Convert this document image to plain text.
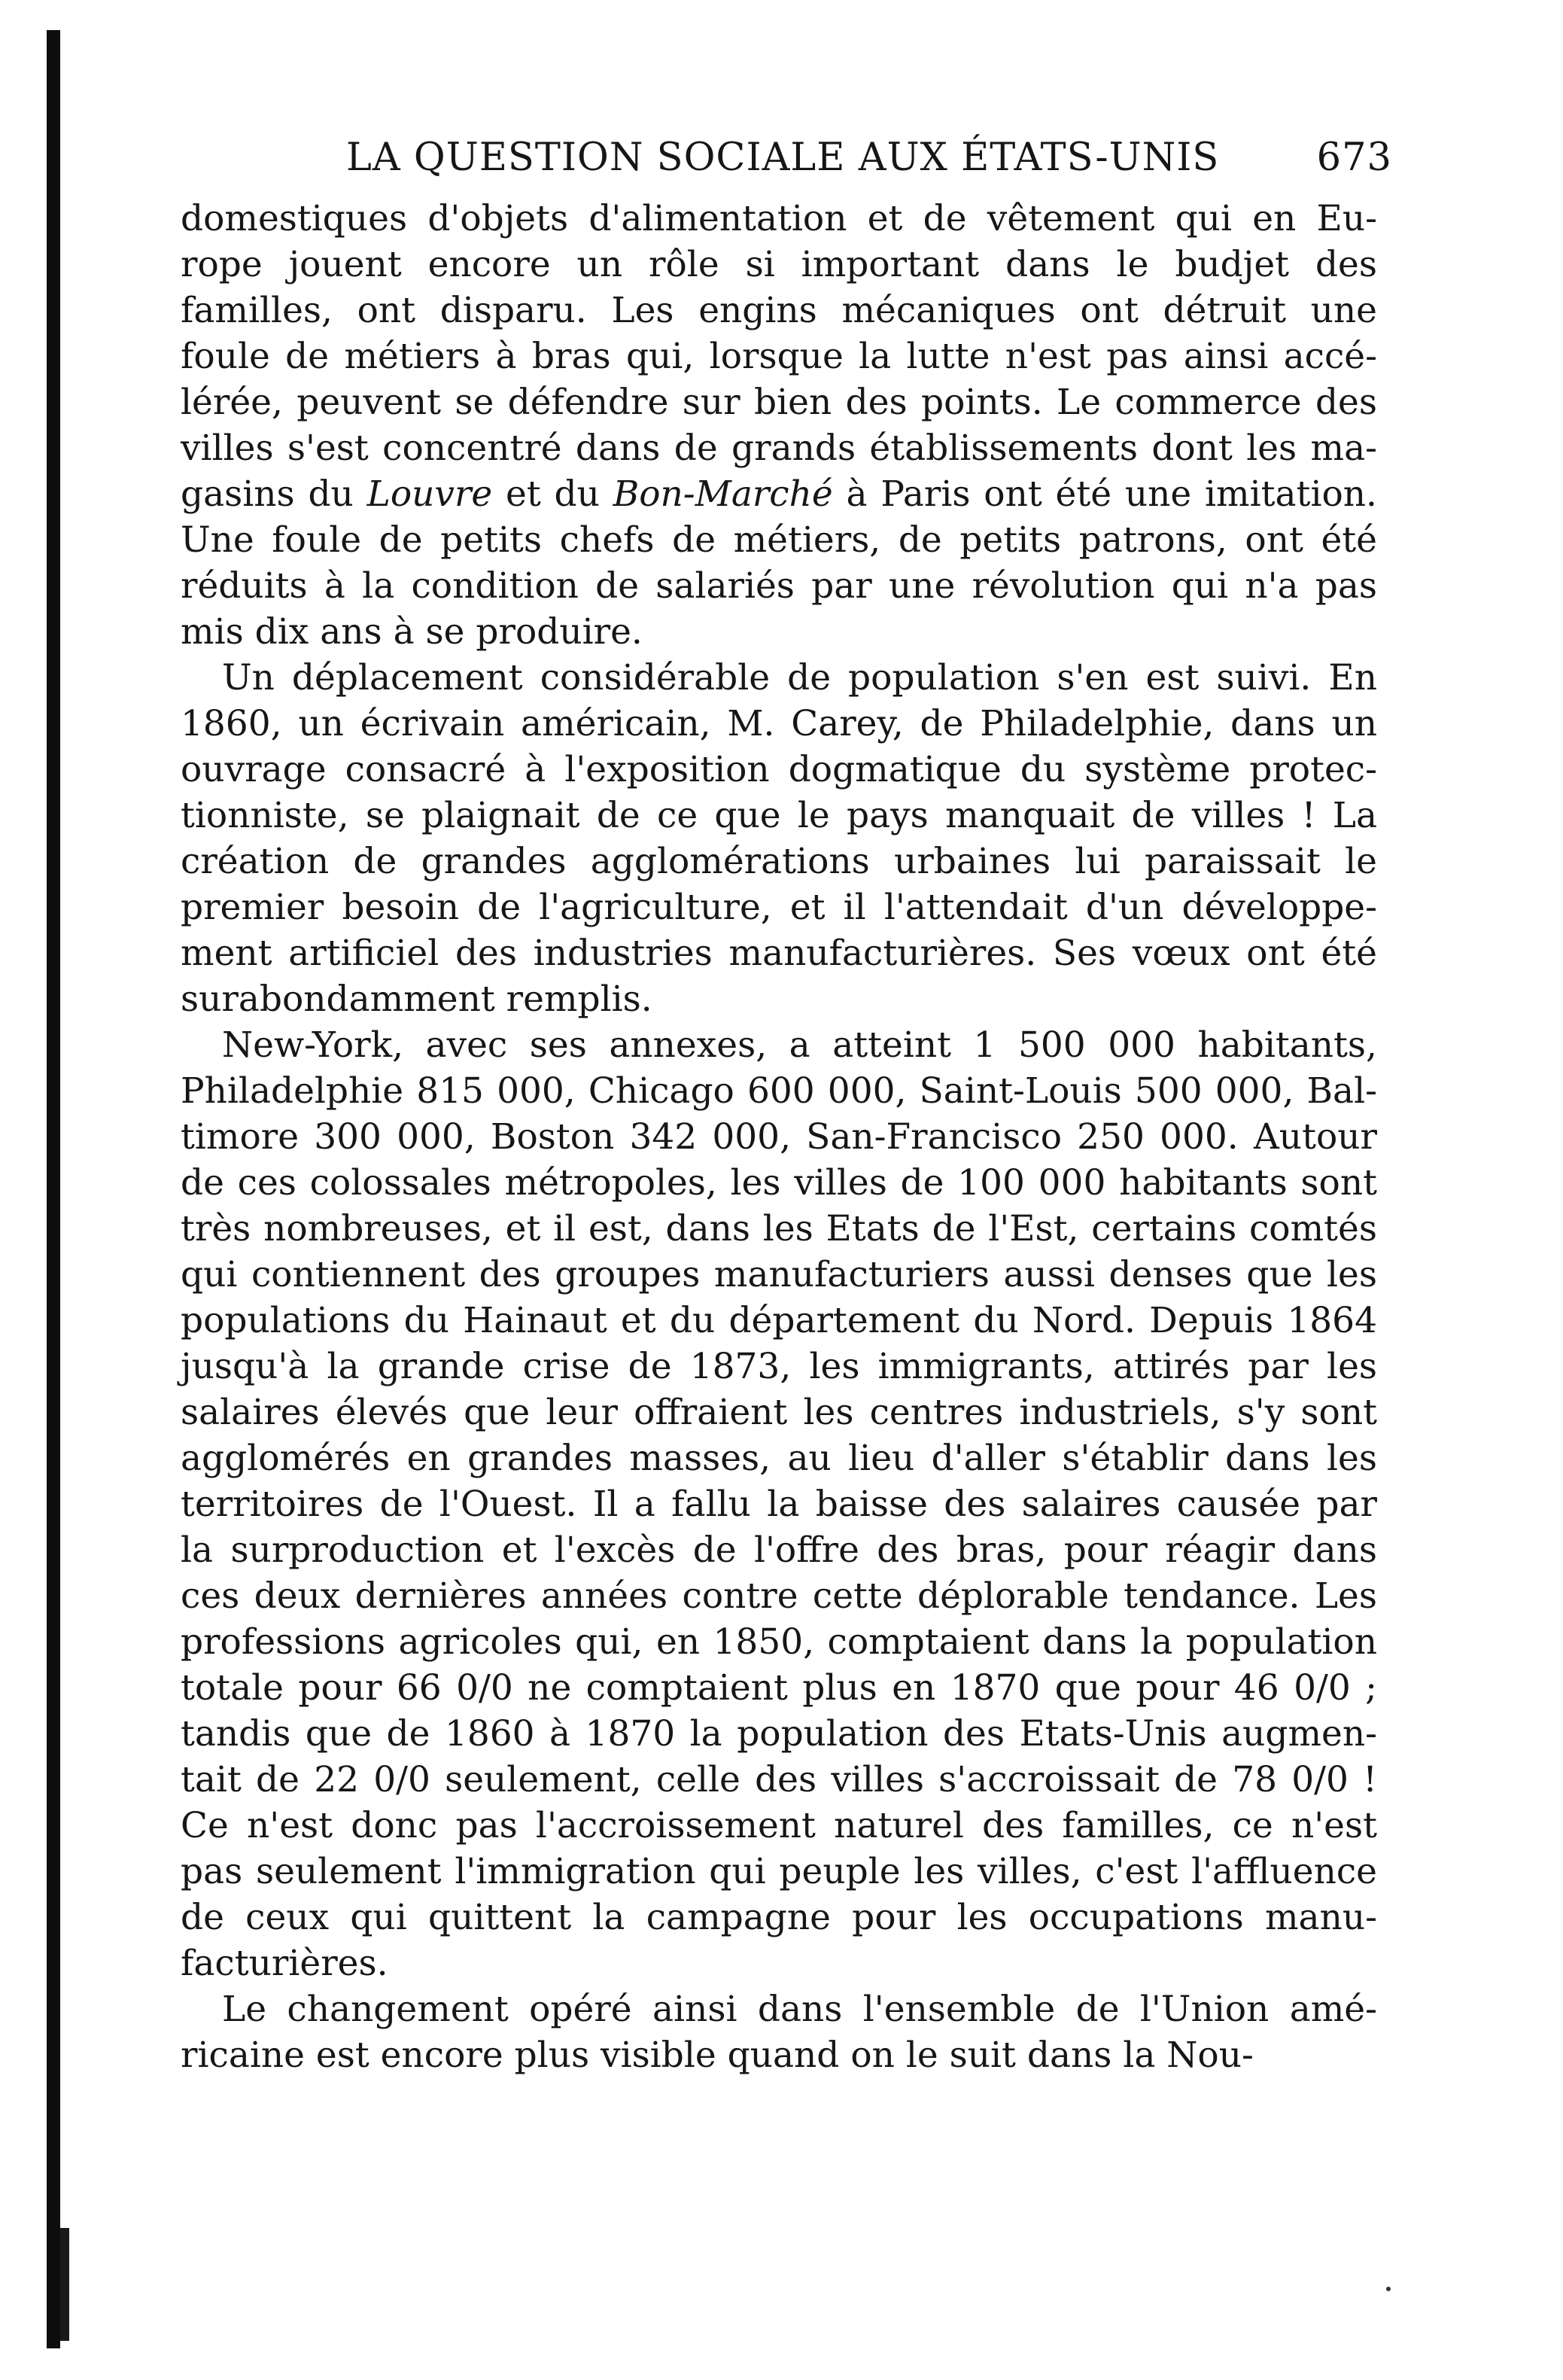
LA QUESTION SOCIALE AUX ÉTATS-UNIS	673

domestiques d'objets d'alimentation et de vêtement qui en Eu-
rope jouent encore un rôle si important dans le budjet des
familles, ont disparu. Les engins mécaniques ont détruit une
foule de métiers à bras qui, lorsque la lutte n'est pas ainsi accé-
lérée, peuvent se défendre sur bien des points. Le commerce des
villes s'est concentré dans de grands établissements dont les ma-
gasins du Louvre et du Bon-Marché à Paris ont été une imitation.
Une foule de petits chefs de métiers, de petits patrons, ont été
réduits à la condition de salariés par une révolution qui n'a pas
mis dix ans à se produire.

Un déplacement considérable de population s'en est suivi. En
1860, un écrivain américain, M. Carey, de Philadelphie, dans un
ouvrage consacré à l'exposition dogmatique du système protec-
tionniste, se plaignait de ce que le pays manquait de villes ! La
création de grandes agglomérations urbaines lui paraissait le
premier besoin de l'agriculture, et il l'attendait d'un développe-
ment artificiel des industries manufacturières. Ses vœux ont été
surabondamment remplis.

New-York, avec ses annexes, a atteint 1 500 000 habitants,
Philadelphie 815 000, Chicago 600 000, Saint-Louis 500 000, Bal-
timore 300 000, Boston 342 000, San-Francisco 250 000. Autour
de ces colossales métropoles, les villes de 100 000 habitants sont
très nombreuses, et il est, dans les Etats de l'Est, certains comtés
qui contiennent des groupes manufacturiers aussi denses que les
populations du Hainaut et du département du Nord. Depuis 1864
jusqu'à la grande crise de 1873, les immigrants, attirés par les
salaires élevés que leur offraient les centres industriels, s'y sont
agglomérés en grandes masses, au lieu d'aller s'établir dans les
territoires de l'Ouest. Il a fallu la baisse des salaires causée par
la surproduction et l'excès de l'offre des bras, pour réagir dans
ces deux dernières années contre cette déplorable tendance. Les
professions agricoles qui, en 1850, comptaient dans la population
totale pour 66 0/0 ne comptaient plus en 1870 que pour 46 0/0 ;
tandis que de 1860 à 1870 la population des Etats-Unis augmen-
tait de 22 0/0 seulement, celle des villes s'accroissait de 78 0/0 !
Ce n'est donc pas l'accroissement naturel des familles, ce n'est
pas seulement l'immigration qui peuple les villes, c'est l'affluence
de ceux qui quittent la campagne pour les occupations manu-
facturières.

Le changement opéré ainsi dans l'ensemble de l'Union amé-
ricaine est encore plus visible quand on le suit dans la Nou-
